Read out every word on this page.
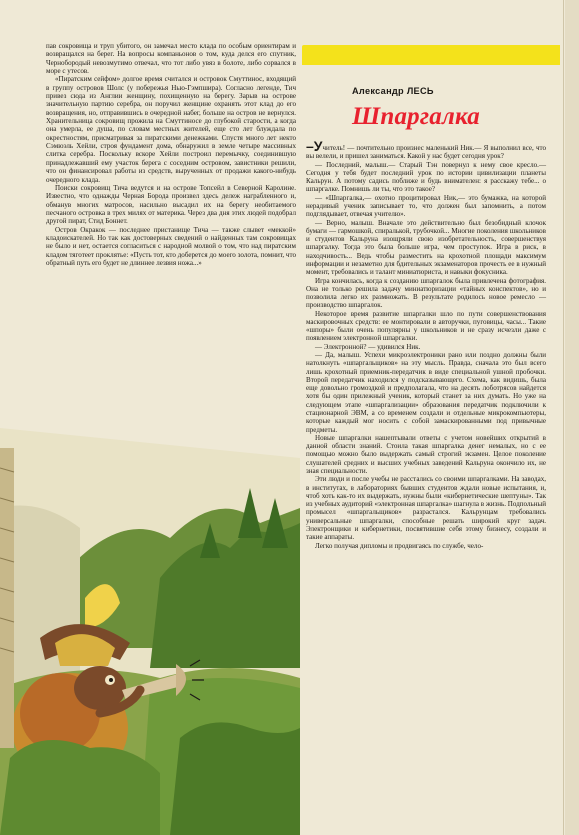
пав сокровища и труп убитого, он замечал место клада по особым ориентирам и возвращался на берег. На вопросы компаньонов о том, куда делся его спутник, Чернобородый невозмутимо отвечал, что тот либо увяз в болоте, либо сорвался в море с утесов.

«Пиратским сейфом» долгое время считался и островок Смуттинос, входящий в группу островов Шолс (у побережья Нью-Гэмпшира). Согласно легенде, Тич привез сюда из Англии женщину, похищенную на берегу. Зарыв на острове значительную партию серебра, он поручил женщине охранять этот клад до его возвращения, но, отправившись в очередной набег, больше на остров не вернулся. Хранительница сокровищ прожила на Смуттиносе до глубокой старости, а когда она умерла, ее душа, по словам местных жителей, еще сто лет блуждала по окрестностям, присматривая за пиратскими денежками. Спустя много лет некто Сэмюэль Хейли, строя фундамент дома, обнаружил в земле четыре массивных слитка серебра. Поскольку вскоре Хейли построил перемычку, соединившую принадлежавший ему участок берега с соседним островом, завистники решили, что он финансировал работы из средств, вырученных от продажи какого-нибудь очередного клада.

Поиски сокровищ Тича ведутся и на острове Топсейл в Северной Каролине. Известно, что однажды Черная Борода произвел здесь дележ награбленного и, обманув многих матросов, насильно высадил их на берегу необитаемого песчаного островка в трех милях от материка. Через два дня этих людей подобрал другой пират, Стид Боннет.

Остров Окракок — последнее пристанище Тича — также слывет «меккой» кладоискателей. Но так как достоверных сведений о найденных там сокровищах не было и нет, остается согласиться с народной молвой о том, что над пиратским кладом тяготеет проклятье: «Пусть тот, кто доберется до моего золота, помнит, что обратный путь его будет не длиннее лезвия ножа...»

Александр ЛЕСЬ
Шпаргалка

–Учитель! — почтительно произнес маленький Ник.— Я выполнил все, что вы велели, и пришел заниматься. Какой у нас будет сегодня урок?

— Последний, малыш.— Старый Тэн повернул к нему свое кресло.— Сегодня у тебя будет последний урок по истории цивилизации планеты Кальрун. А потому садись поближе и будь внимателен: я расскажу тебе... о шпаргалке. Помнишь ли ты, что это такое?

— «Шпаргалка,— охотно процитировал Ник,— это бумажка, на которой нерадивый ученик записывает то, что должен был запомнить, а потом подглядывает, отвечая учителю».

— Верно, малыш. Вначале это действительно был безобидный клочок бумаги — гармошкой, спиралькой, трубочкой... Многие поколения школьников и студентов Кальруна изощряли свою изобретательность, совершенствуя шпаргалку. Тогда это была больше игра, чем проступок. Игра в риск, в находчивость... Ведь чтобы разместить на крохотной площади максимум информации и незаметно для бдительных экзаменаторов прочесть ее в нужный момент, требовались и талант миниатюриста, и навыки фокусника.

Игра кончилась, когда к созданию шпаргалок была привлечена фотография. Она не только решила задачу миниатюризации «тайных конспектов», но и позволила легко их размножать. В результате родилось новое ремесло — производство шпаргалок.

Некоторое время развитие шпаргалки шло по пути совершенствования маскировочных средств: ее монтировали в авторучки, пуговицы, часы... Такие «шпоры» были очень популярны у школьников и не сразу исчезли даже с появлением электронной шпаргалки.

— Электронной? — удивился Ник.

— Да, малыш. Успехи микроэлектроники рано или поздно должны были натолкнуть «шпаргальщиков» на эту мысль. Правда, сначала это был всего лишь крохотный приемник-передатчик в виде специальной ушной пробочки. Второй передатчик находился у подсказывающего. Схема, как видишь, была еще довольно громоздкой и предполагала, что на десять лоботрясов найдется хотя бы один прилежный ученик, который станет за них думать. Но уже на следующем этапе «шпаргализации» образования передатчик подключили к стационарной ЭВМ, а со временем создали и отдельные микрокомпьютеры, которые каждый мог носить с собой замаскированными под привычные предметы.

Новые шпаргалки нашептывали ответы с учетом новейших открытий в данной области знаний. Стоила такая шпаргалка денег немалых, но с ее помощью можно было выдержать самый строгий экзамен. Целое поколение слушателей средних и высших учебных заведений Кальруна окончило их, не зная специальности.

Эти люди и после учебы не расстались со своими шпаргалками. На заводах, в институтах, в лабораториях бывших студентов ждали новые испытания, и, чтоб хоть как-то их выдержать, нужны были «кибернетические шептуны». Так из учебных аудиторий «электронная шпаргалка» шагнула в жизнь. Подпольный промысел «шпаргальщиков» разрастался. Кальрунцам требовались универсальные шпаргалки, способные решать широкий круг задач. Электронщики и кибернетики, посвятившие себя этому бизнесу, создали и такие аппараты.

Легко получая дипломы и продвигаясь по службе, чело-
